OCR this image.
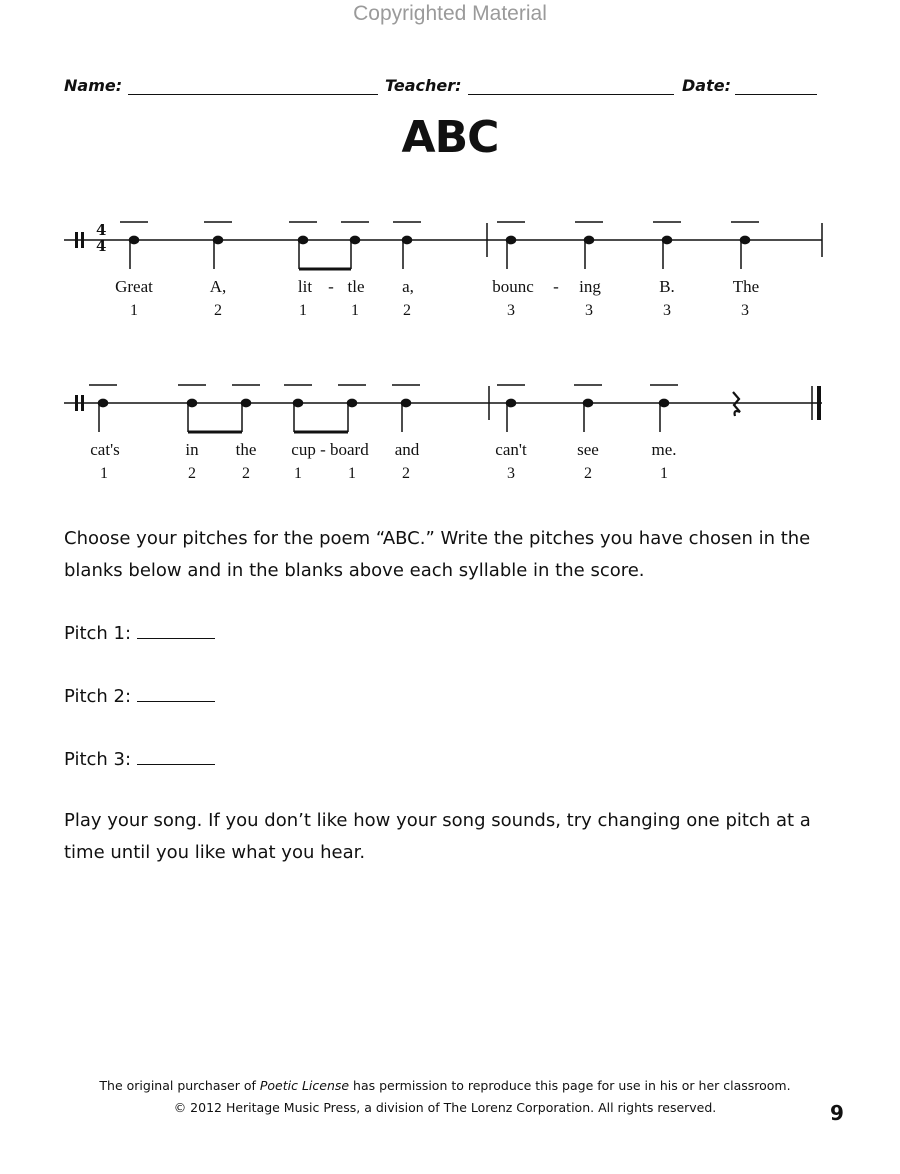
Copyrighted Material
Name:	Teacher:	Date:
ABC
4
4
Great	A,	lit - tle a,	bounc - ing	B.	The
1	2	1	1	2	3	3	3	3
cat's	in the cup - board and	can't	see	me.
1	2	2	1	1	2	3	2	1
Choose your pitches for the poem “ABC.” Write the pitches you have chosen in the blanks below and in the blanks above each syllable in the score.
Pitch 1:
Pitch 2:
Pitch 3:
Play your song. If you don’t like how your song sounds, try changing one pitch at a time until you like what you hear.
The original purchaser of Poetic License has permission to reproduce this page for use in his or her classroom.
© 2012 Heritage Music Press, a division of The Lorenz Corporation. All rights reserved.	9
